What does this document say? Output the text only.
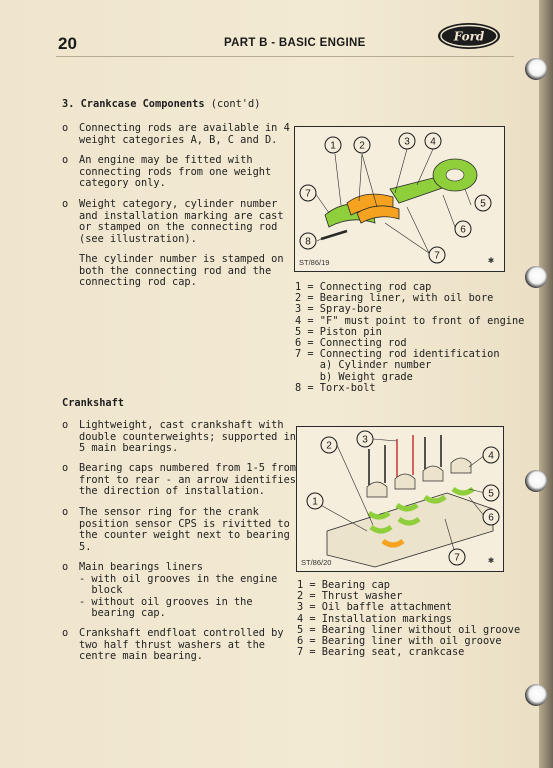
20	PART B - BASIC ENGINE	Ford
3. Crankcase Components (cont'd)
o Connecting rods are available in 4
weight categories A, B, C and D.
o An engine may be fitted with
connecting rods from one weight
category only.
o Weight category, cylinder number
and installation marking are cast
or stamped on the connecting rod
(see illustration).
The cylinder number is stamped on
both the connecting rod and the
connecting rod cap.
Crankshaft
o Lightweight, cast crankshaft with
double counterweights; supported in
5 main bearings.
o Bearing caps numbered from 1-5 from
front to rear - an arrow identifies
the direction of installation.
o The sensor ring for the crank
position sensor CPS is rivitted to
the counter weight next to bearing
5.
o Main bearings liners
- with oil grooves in the engine
block
- without oil grooves in the
bearing cap.
o Crankshaft endfloat controlled by
two half thrust washers at the
centre main bearing.
1 2	3 4
5
6
7
7
8
ST/86/19	✱
1 = Connecting rod cap
2 = Bearing liner, with oil bore
3 = Spray-bore
4 = "F" must point to front of engine
5 = Piston pin
6 = Connecting rod
7 = Connecting rod identification
a) Cylinder number
b) Weight grade
8 = Torx-bolt
2
3
4
5
6
1
7
ST/86/20	✱
1 = Bearing cap
2 = Thrust washer
3 = Oil baffle attachment
4 = Installation markings
5 = Bearing liner without oil groove
6 = Bearing liner with oil groove
7 = Bearing seat, crankcase
